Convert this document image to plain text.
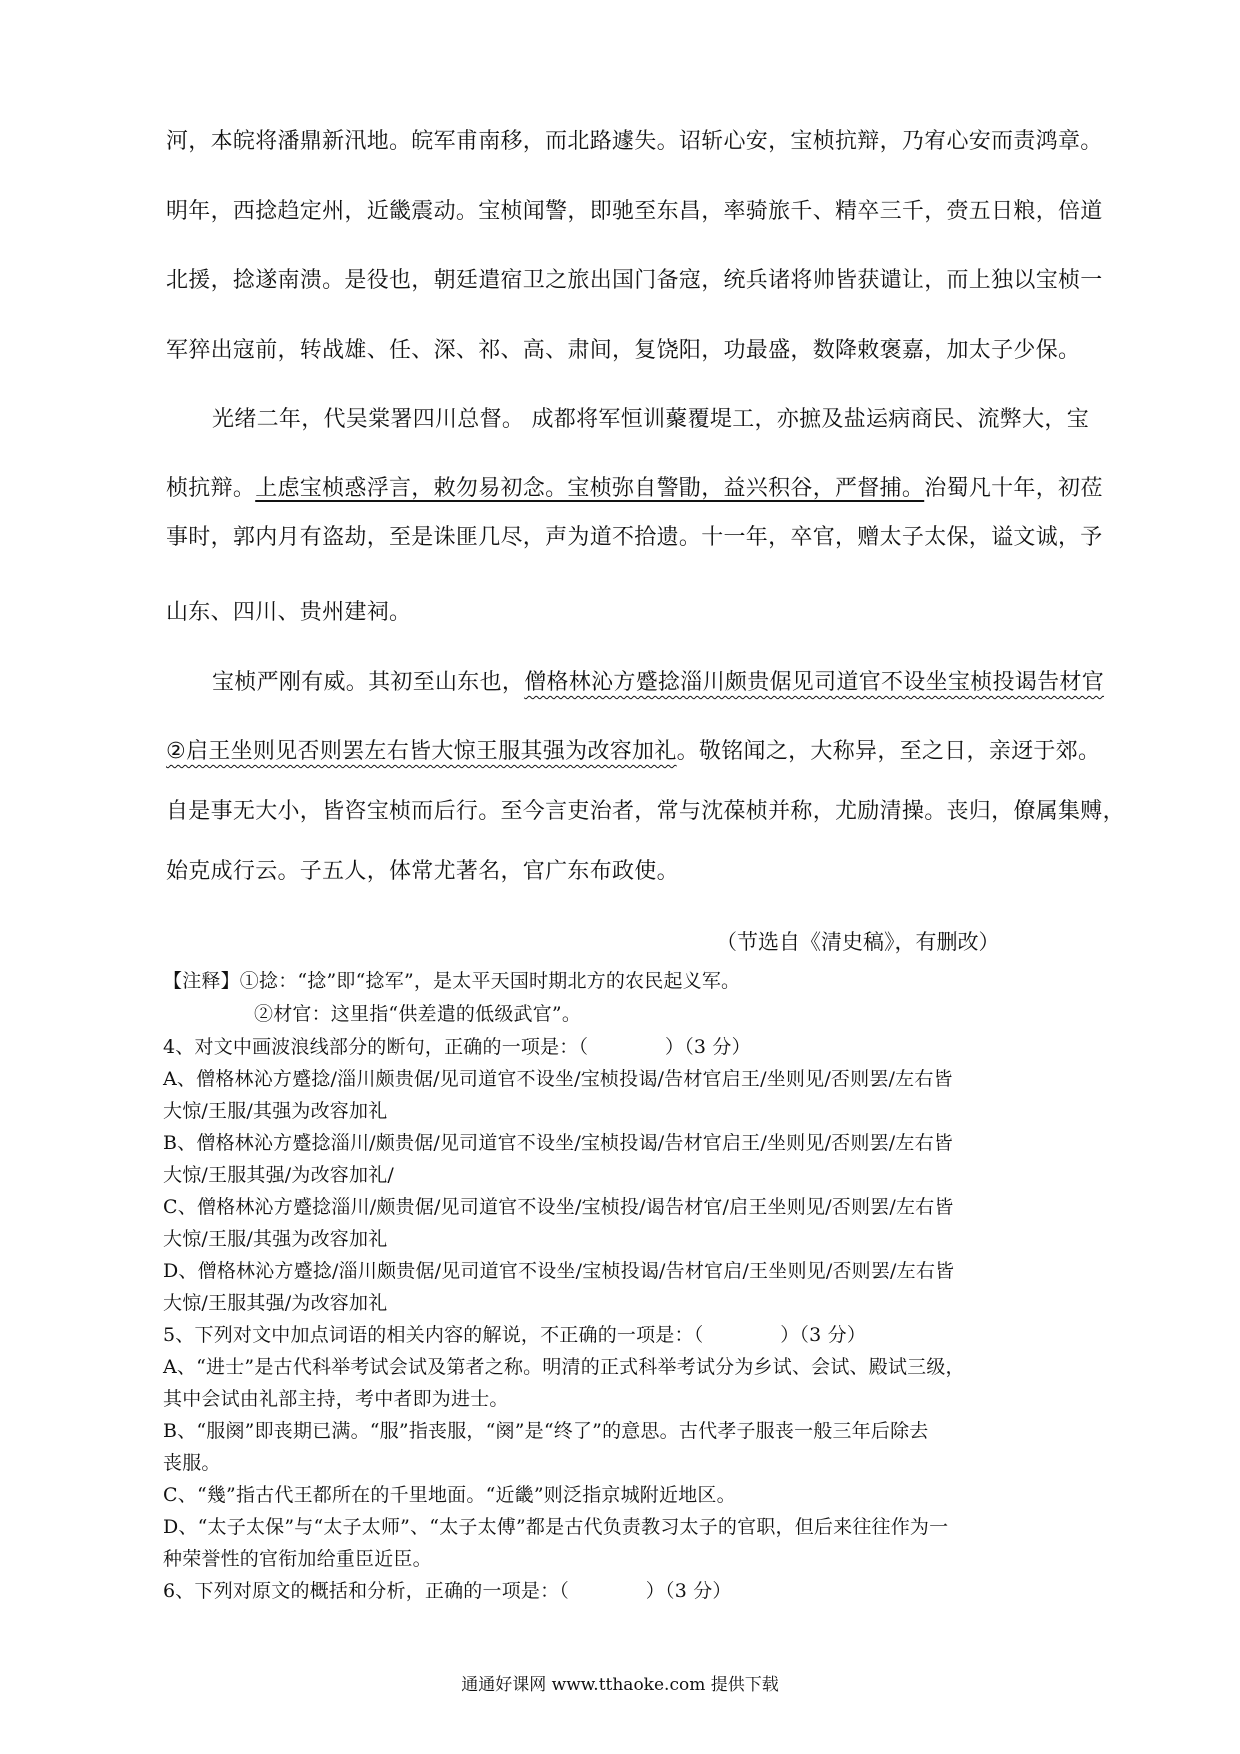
河，本皖将潘鼎新汛地。皖军甫南移，而北路遽失。诏斩心安，宝桢抗辩，乃宥心安而责鸿章。
明年，西捻趋定州，近畿震动。宝桢闻警，即驰至东昌，率骑旅千、精卒三千，赍五日粮，倍道
北援，捻遂南溃。是役也，朝廷遣宿卫之旅出国门备寇，统兵诸将帅皆获谴让，而上独以宝桢一
军猝出寇前，转战雄、任、深、祁、高、肃间，复饶阳，功最盛，数降敕褒嘉，加太子少保。
光绪二年，代吴棠署四川总督。 成都将军恒训藂覆堤工，亦摭及盐运病商民、流弊大，宝
桢抗辩。上虑宝桢惑浮言，敕勿易初念。宝桢弥自警勖，益兴积谷，严督捕。治蜀凡十年，初莅
事时，郭内月有盗劫，至是诛匪几尽，声为道不拾遗。十一年，卒官，赠太子太保，谥文诚，予
山东、四川、贵州建祠。
宝桢严刚有威。其初至山东也，僧格林沁方蹙捻淄川颇贵倨见司道官不设坐宝桢投谒告材官
②启王坐则见否则罢左右皆大惊王服其强为改容加礼。敬铭闻之，大称异，至之日，亲迓于郊。
自是事无大小，皆咨宝桢而后行。至今言吏治者，常与沈葆桢并称，尤励清操。丧归，僚属集赙，
始克成行云。子五人，体常尤著名，官广东布政使。
（节选自《清史稿》，有删改）
【注释】①捻：“捻”即“捻军”，是太平天国时期北方的农民起义军。
②材官：这里指“供差遣的低级武官”。
4、对文中画波浪线部分的断句，正确的一项是：（　　　　）（3 分）
A、僧格林沁方蹙捻/淄川颇贵倨/见司道官不设坐/宝桢投谒/告材官启王/坐则见/否则罢/左右皆
大惊/王服/其强为改容加礼
B、僧格林沁方蹙捻淄川/颇贵倨/见司道官不设坐/宝桢投谒/告材官启王/坐则见/否则罢/左右皆
大惊/王服其强/为改容加礼/
C、僧格林沁方蹙捻淄川/颇贵倨/见司道官不设坐/宝桢投/谒告材官/启王坐则见/否则罢/左右皆
大惊/王服/其强为改容加礼
D、僧格林沁方蹙捻/淄川颇贵倨/见司道官不设坐/宝桢投谒/告材官启/王坐则见/否则罢/左右皆
大惊/王服其强/为改容加礼
5、下列对文中加点词语的相关内容的解说，不正确的一项是：（　　　　）（3 分）
A、“进士”是古代科举考试会试及第者之称。明清的正式科举考试分为乡试、会试、殿试三级，
其中会试由礼部主持，考中者即为进士。
B、“服阕”即丧期已满。“服”指丧服，“阕”是“终了”的意思。古代孝子服丧一般三年后除去
丧服。
C、“幾”指古代王都所在的千里地面。“近畿”则泛指京城附近地区。
D、“太子太保”与“太子太师”、“太子太傅”都是古代负责教习太子的官职，但后来往往作为一
种荣誉性的官衔加给重臣近臣。
6、下列对原文的概括和分析，正确的一项是：（　　　　）（3 分）
通通好课网 www.tthaoke.com 提供下载
